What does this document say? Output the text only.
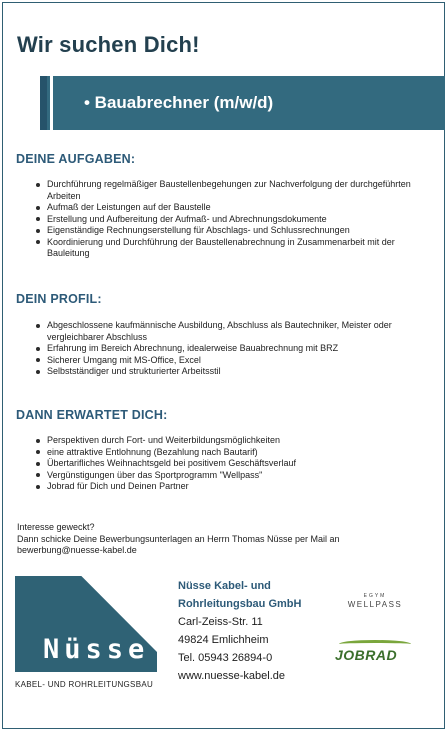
Wir suchen Dich!
• Bauabrechner (m/w/d)
DEINE AUFGABEN:
Durchführung regelmäßiger Baustellenbegehungen zur Nachverfolgung der durchgeführten Arbeiten
Aufmaß der Leistungen auf der Baustelle
Erstellung und Aufbereitung der Aufmaß- und Abrechnungsdokumente
Eigenständige Rechnungserstellung für Abschlags- und Schlussrechnungen
Koordinierung und Durchführung der Baustellenabrechnung in Zusammenarbeit mit der Bauleitung
DEIN PROFIL:
Abgeschlossene kaufmännische Ausbildung, Abschluss als Bautechniker, Meister oder vergleichbarer Abschluss
Erfahrung im Bereich Abrechnung, idealerweise Bauabrechnung mit BRZ
Sicherer Umgang mit MS-Office, Excel
Selbstständiger und strukturierter Arbeitsstil
DANN ERWARTET DICH:
Perspektiven durch Fort- und Weiterbildungsmöglichkeiten
eine attraktive Entlohnung (Bezahlung nach Bautarif)
Übertarifliches Weihnachtsgeld bei positivem Geschäftsverlauf
Vergünstigungen über das Sportprogramm "Wellpass"
Jobrad für Dich und Deinen Partner
Interesse geweckt?
Dann schicke Deine Bewerbungsunterlagen an Herrn Thomas Nüsse per Mail an
bewerbung@nuesse-kabel.de
Nüsse
KABEL- UND ROHRLEITUNGSBAU
Nüsse Kabel- und
Rohrleitungsbau GmbH
Carl-Zeiss-Str. 11
49824 Emlichheim
Tel. 05943 26894-0
www.nuesse-kabel.de
EGYM
WELLPASS
JOBRAD
